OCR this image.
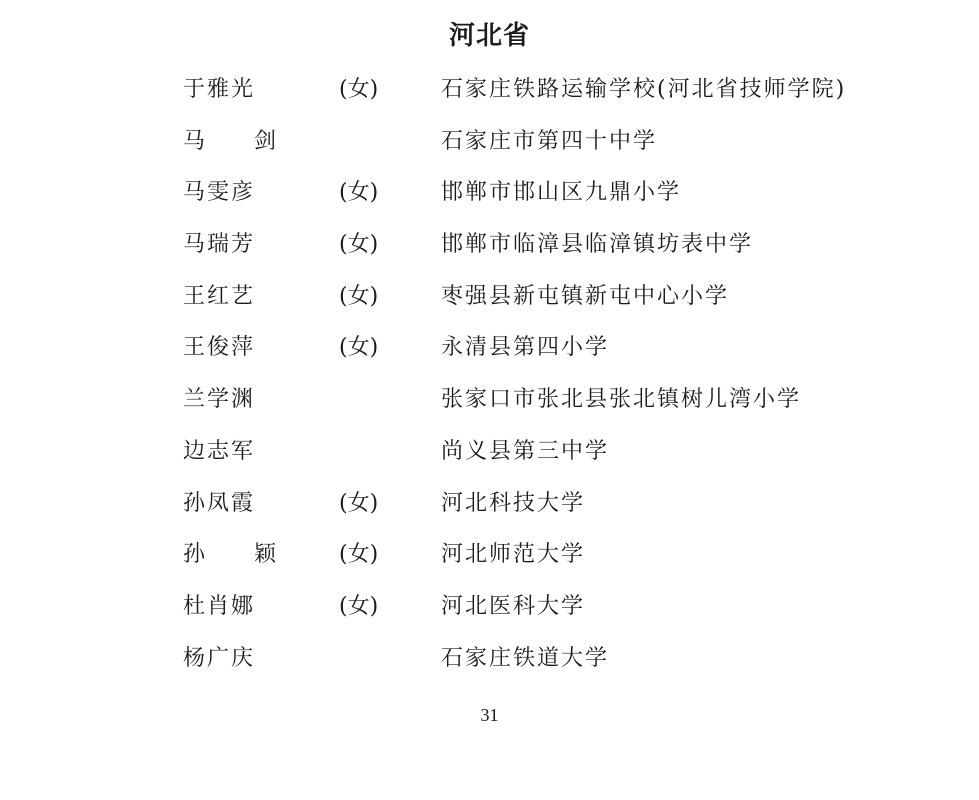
河北省
于雅光	(女)	石家庄铁路运输学校(河北省技师学院)
马 剑	石家庄市第四十中学
马雯彦	(女)	邯郸市邯山区九鼎小学
马瑞芳	(女)	邯郸市临漳县临漳镇坊表中学
王红艺	(女)	枣强县新屯镇新屯中心小学
王俊萍	(女)	永清县第四小学
兰学渊	张家口市张北县张北镇树儿湾小学
边志军	尚义县第三中学
孙凤霞	(女)	河北科技大学
孙 颖 (女)	河北师范大学
杜肖娜	(女)	河北医科大学
杨广庆	石家庄铁道大学
31
